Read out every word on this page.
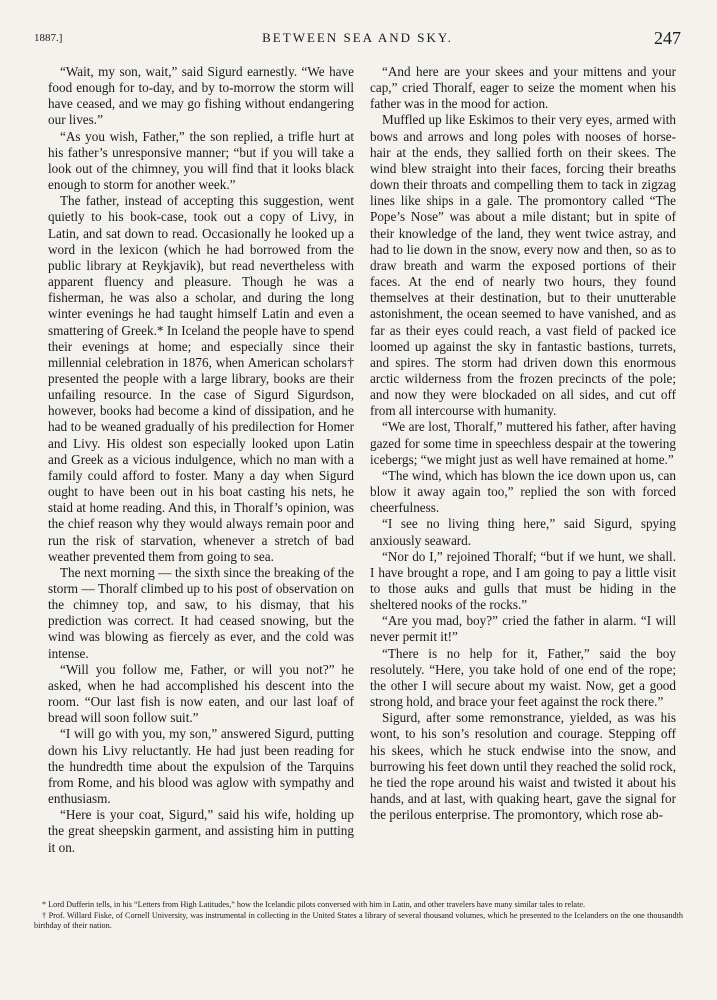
1887.]	BETWEEN SEA AND SKY.	247

“Wait, my son, wait,” said Sigurd earnestly. “We have food enough for to-day, and by to-morrow the storm will have ceased, and we may go fishing without endangering our lives.”

“As you wish, Father,” the son replied, a trifle hurt at his father’s unresponsive manner; “but if you will take a look out of the chimney, you will find that it looks black enough to storm for another week.”

The father, instead of accepting this suggestion, went quietly to his book-case, took out a copy of Livy, in Latin, and sat down to read. Occasionally he looked up a word in the lexicon (which he had borrowed from the public library at Reykjavik), but read nevertheless with apparent fluency and pleasure. Though he was a fisherman, he was also a scholar, and during the long winter evenings he had taught himself Latin and even a smattering of Greek.* In Iceland the people have to spend their evenings at home; and especially since their millennial celebration in 1876, when American scholars† presented the people with a large library, books are their unfailing resource. In the case of Sigurd Sigurdson, however, books had become a kind of dissipation, and he had to be weaned gradually of his predilection for Homer and Livy. His oldest son especially looked upon Latin and Greek as a vicious indulgence, which no man with a family could afford to foster. Many a day when Sigurd ought to have been out in his boat casting his nets, he staid at home reading. And this, in Thoralf’s opinion, was the chief reason why they would always remain poor and run the risk of starvation, whenever a stretch of bad weather prevented them from going to sea.

The next morning — the sixth since the breaking of the storm — Thoralf climbed up to his post of observation on the chimney top, and saw, to his dismay, that his prediction was correct. It had ceased snowing, but the wind was blowing as fiercely as ever, and the cold was intense.

“Will you follow me, Father, or will you not?” he asked, when he had accomplished his descent into the room. “Our last fish is now eaten, and our last loaf of bread will soon follow suit.”

“I will go with you, my son,” answered Sigurd, putting down his Livy reluctantly. He had just been reading for the hundredth time about the expulsion of the Tarquins from Rome, and his blood was aglow with sympathy and enthusiasm.

“Here is your coat, Sigurd,” said his wife, holding up the great sheepskin garment, and assisting him in putting it on.

“And here are your skees and your mittens and your cap,” cried Thoralf, eager to seize the moment when his father was in the mood for action.

Muffled up like Eskimos to their very eyes, armed with bows and arrows and long poles with nooses of horse-hair at the ends, they sallied forth on their skees. The wind blew straight into their faces, forcing their breaths down their throats and compelling them to tack in zigzag lines like ships in a gale. The promontory called “The Pope’s Nose” was about a mile distant; but in spite of their knowledge of the land, they went twice astray, and had to lie down in the snow, every now and then, so as to draw breath and warm the exposed portions of their faces. At the end of nearly two hours, they found themselves at their destination, but to their unutterable astonishment, the ocean seemed to have vanished, and as far as their eyes could reach, a vast field of packed ice loomed up against the sky in fantastic bastions, turrets, and spires. The storm had driven down this enormous arctic wilderness from the frozen precincts of the pole; and now they were blockaded on all sides, and cut off from all intercourse with humanity.

“We are lost, Thoralf,” muttered his father, after having gazed for some time in speechless despair at the towering icebergs; “we might just as well have remained at home.”

“The wind, which has blown the ice down upon us, can blow it away again too,” replied the son with forced cheerfulness.

“I see no living thing here,” said Sigurd, spying anxiously seaward.

“Nor do I,” rejoined Thoralf; “but if we hunt, we shall. I have brought a rope, and I am going to pay a little visit to those auks and gulls that must be hiding in the sheltered nooks of the rocks.”

“Are you mad, boy?” cried the father in alarm. “I will never permit it!”

“There is no help for it, Father,” said the boy resolutely. “Here, you take hold of one end of the rope; the other I will secure about my waist. Now, get a good strong hold, and brace your feet against the rock there.”

Sigurd, after some remonstrance, yielded, as was his wont, to his son’s resolution and courage. Stepping off his skees, which he stuck endwise into the snow, and burrowing his feet down until they reached the solid rock, he tied the rope around his waist and twisted it about his hands, and at last, with quaking heart, gave the signal for the perilous enterprise. The promontory, which rose ab-

* Lord Dufferin tells, in his “Letters from High Latitudes,” how the Icelandic pilots conversed with him in Latin, and other travelers have many similar tales to relate.

† Prof. Willard Fiske, of Cornell University, was instrumental in collecting in the United States a library of several thousand volumes, which he presented to the Icelanders on the one thousandth birthday of their nation.
